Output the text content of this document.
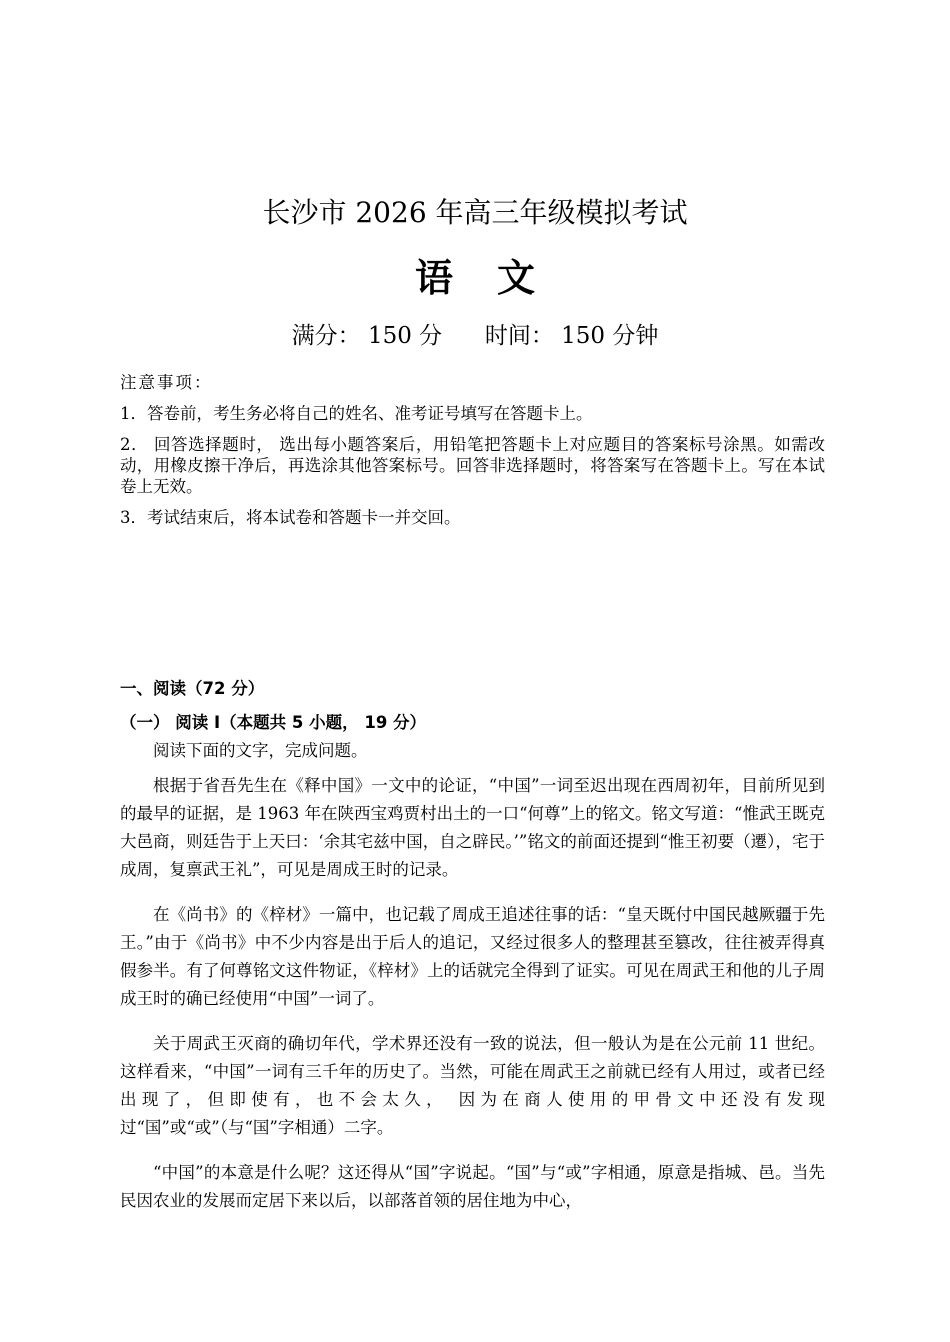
长沙市 2026 年高三年级模拟考试
语文
满分： 150 分 时间： 150 分钟
注意事项：
1．答卷前，考生务必将自己的姓名、准考证号填写在答题卡上。
2． 回答选择题时， 选出每小题答案后，用铅笔把答题卡上对应题目的答案标号涂黑。如需改动，用橡皮擦干净后，再选涂其他答案标号。回答非选择题时，将答案写在答题卡上。写在本试卷上无效。
3．考试结束后，将本试卷和答题卡一并交回。
一、阅读（72 分）
（一） 阅读 I（本题共 5 小题， 19 分）
阅读下面的文字，完成问题。

根据于省吾先生在《释中国》一文中的论证，“中国”一词至迟出现在西周初年，目前所见到的最早的证据，是 1963 年在陕西宝鸡贾村出土的一口“何尊”上的铭文。铭文写道：“惟武王既克大邑商，则廷告于上天曰：‘余其宅兹中国，自之辟民。’”铭文的前面还提到“惟王初要（遷），宅于成周，复禀武王礼”，可见是周成王时的记录。

在《尚书》的《梓材》一篇中，也记载了周成王追述往事的话：“皇天既付中国民越厥疆于先王。”由于《尚书》中不少内容是出于后人的追记，又经过很多人的整理甚至篡改，往往被弄得真假参半。有了何尊铭文这件物证，《梓材》上的话就完全得到了证实。可见在周武王和他的儿子周成王时的确已经使用“中国”一词了。

关于周武王灭商的确切年代，学术界还没有一致的说法，但一般认为是在公元前 11 世纪。这样看来，“中国”一词有三千年的历史了。当然，可能在周武王之前就已经有人用过，或者已经出现了，但即使有，也不会太久， 因为在商人使用的甲骨文中还没有发现过“国”或“或”（与“国”字相通）二字。

“中国”的本意是什么呢？这还得从“国”字说起。“国”与“或”字相通，原意是指城、邑。当先民因农业的发展而定居下来以后，以部落首领的居住地为中心，
